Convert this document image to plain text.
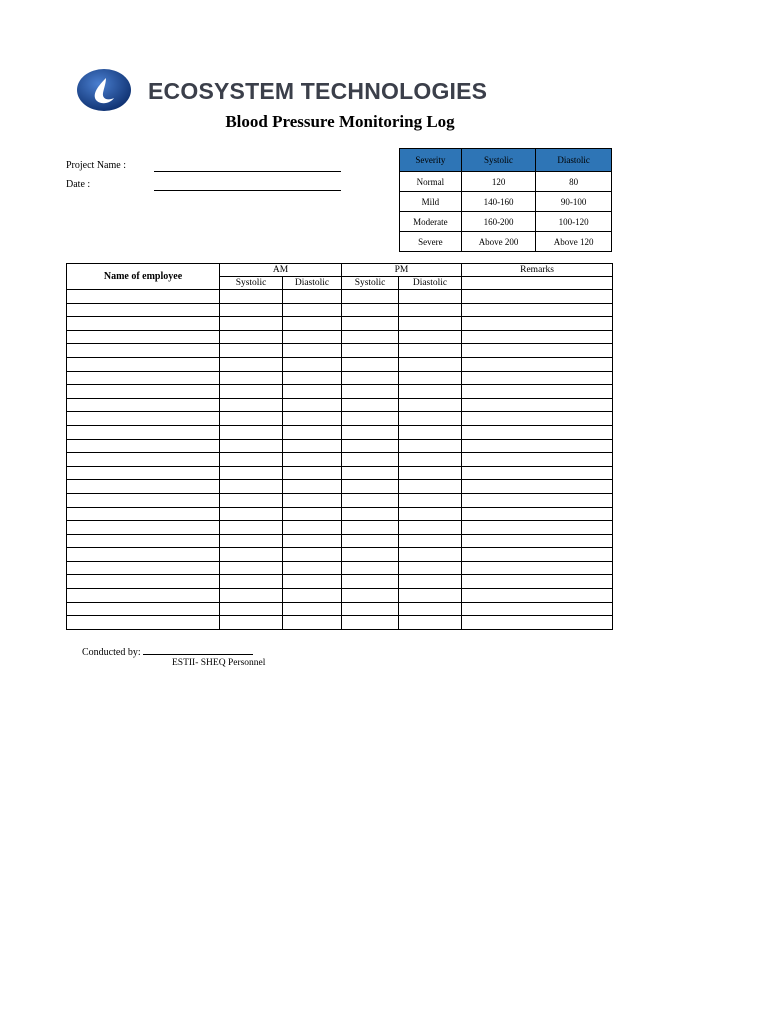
ECOSYSTEM TECHNOLOGIES
Blood Pressure Monitoring Log
Project Name :
Date :
Severity	Systolic	Diastolic
Normal	120	80
Mild	140-160	90-100
Moderate	160-200	100-120
Severe	Above 200	Above 120
Name of employee	AM		PM		Remarks
	Systolic	Diastolic	Systolic	Diastolic	

Conducted by:
ESTII- SHEQ Personnel
